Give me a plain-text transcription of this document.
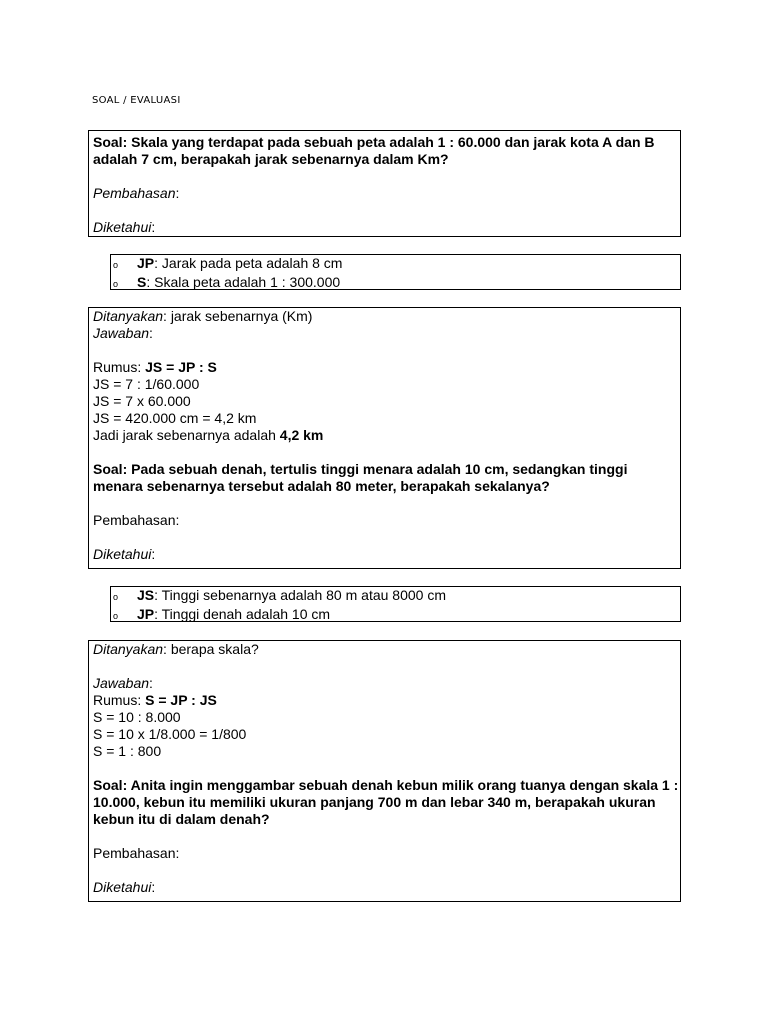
SOAL / EVALUASI
Soal: Skala yang terdapat pada sebuah peta adalah 1 : 60.000 dan jarak kota A dan B adalah 7 cm, berapakah jarak sebenarnya dalam Km?
Pembahasan:
Diketahui:
o	JP: Jarak pada peta adalah 8 cm
o	S: Skala peta adalah 1 : 300.000
Ditanyakan: jarak sebenarnya (Km)
Jawaban:
Rumus: JS = JP : S
JS = 7 : 1/60.000
JS = 7 x 60.000
JS = 420.000 cm = 4,2 km
Jadi jarak sebenarnya adalah 4,2 km
Soal: Pada sebuah denah, tertulis tinggi menara adalah 10 cm, sedangkan tinggi menara sebenarnya tersebut adalah 80 meter, berapakah sekalanya?
Pembahasan:
Diketahui:
o	JS: Tinggi sebenarnya adalah 80 m atau 8000 cm
o	JP: Tinggi denah adalah 10 cm
Ditanyakan: berapa skala?
Jawaban:
Rumus: S = JP : JS
S = 10 : 8.000
S = 10 x 1/8.000 = 1/800
S = 1 : 800
Soal: Anita ingin menggambar sebuah denah kebun milik orang tuanya dengan skala 1 : 10.000, kebun itu memiliki ukuran panjang 700 m dan lebar 340 m, berapakah ukuran kebun itu di dalam denah?
Pembahasan:
Diketahui:
